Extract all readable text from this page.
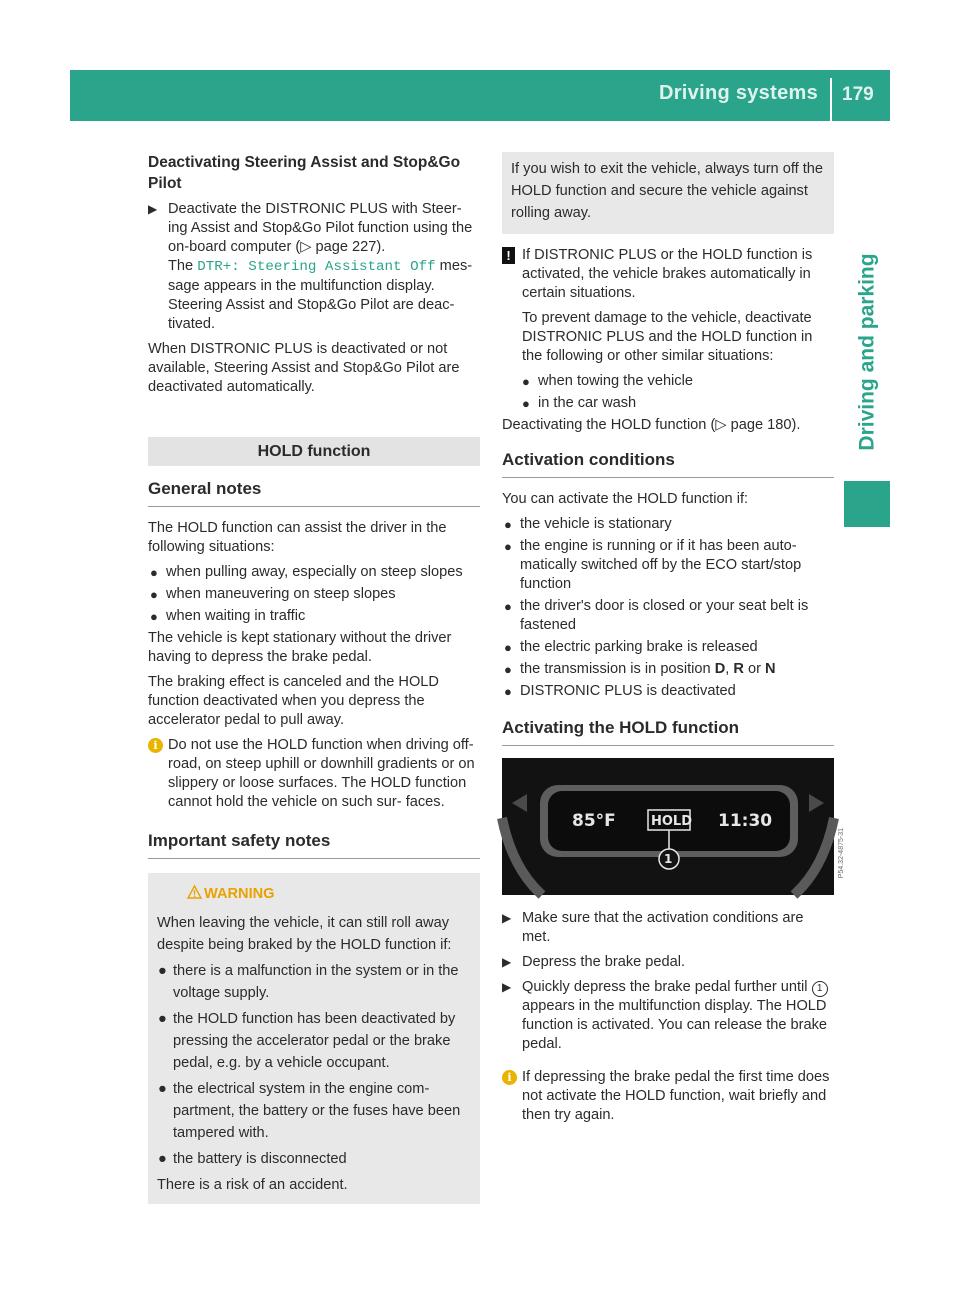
Driving systems 179
Driving and parking
Deactivating Steering Assist and Stop&Go Pilot
▶ Deactivate the DISTRONIC PLUS with Steer- ing Assist and Stop&Go Pilot function using the on-board computer (▷ page 227).
The DTR+: Steering Assistant Off mes- sage appears in the multifunction display. Steering Assist and Stop&Go Pilot are deac- tivated.

When DISTRONIC PLUS is deactivated or not available, Steering Assist and Stop&Go Pilot are deactivated automatically.

HOLD function
General notes

The HOLD function can assist the driver in the following situations:

● when pulling away, especially on steep slopes
● when maneuvering on steep slopes
● when waiting in traffic

The vehicle is kept stationary without the driver having to depress the brake pedal.

The braking effect is canceled and the HOLD function deactivated when you depress the accelerator pedal to pull away.

i Do not use the HOLD function when driving off-road, on steep uphill or downhill gradients or on slippery or loose surfaces. The HOLD function cannot hold the vehicle on such sur- faces.
Important safety notes
WARNING
When leaving the vehicle, it can still roll away despite being braked by the HOLD function if:
● there is a malfunction in the system or in the voltage supply.
● the HOLD function has been deactivated by pressing the accelerator pedal or the brake pedal, e.g. by a vehicle occupant.
● the electrical system in the engine com- partment, the battery or the fuses have been tampered with.
● the battery is disconnected
There is a risk of an accident.
If you wish to exit the vehicle, always turn off the HOLD function and secure the vehicle against rolling away.
! If DISTRONIC PLUS or the HOLD function is activated, the vehicle brakes automatically in certain situations.

To prevent damage to the vehicle, deactivate DISTRONIC PLUS and the HOLD function in the following or other similar situations:

● when towing the vehicle
● in the car wash

Deactivating the HOLD function (▷ page 180).

Activation conditions

You can activate the HOLD function if:

● the vehicle is stationary
● the engine is running or if it has been auto- matically switched off by the ECO start/stop function
● the driver's door is closed or your seat belt is fastened
● the electric parking brake is released
● the transmission is in position D, R or N
● DISTRONIC PLUS is deactivated
Activating the HOLD function
85°F	HOLD 11:30
1	P54.32-4875-31
▶ Make sure that the activation conditions are met.
▶ Depress the brake pedal.
▶ Quickly depress the brake pedal further until 1 appears in the multifunction display. The HOLD function is activated. You can release the brake pedal.
i If depressing the brake pedal the first time does not activate the HOLD function, wait briefly and then try again.
